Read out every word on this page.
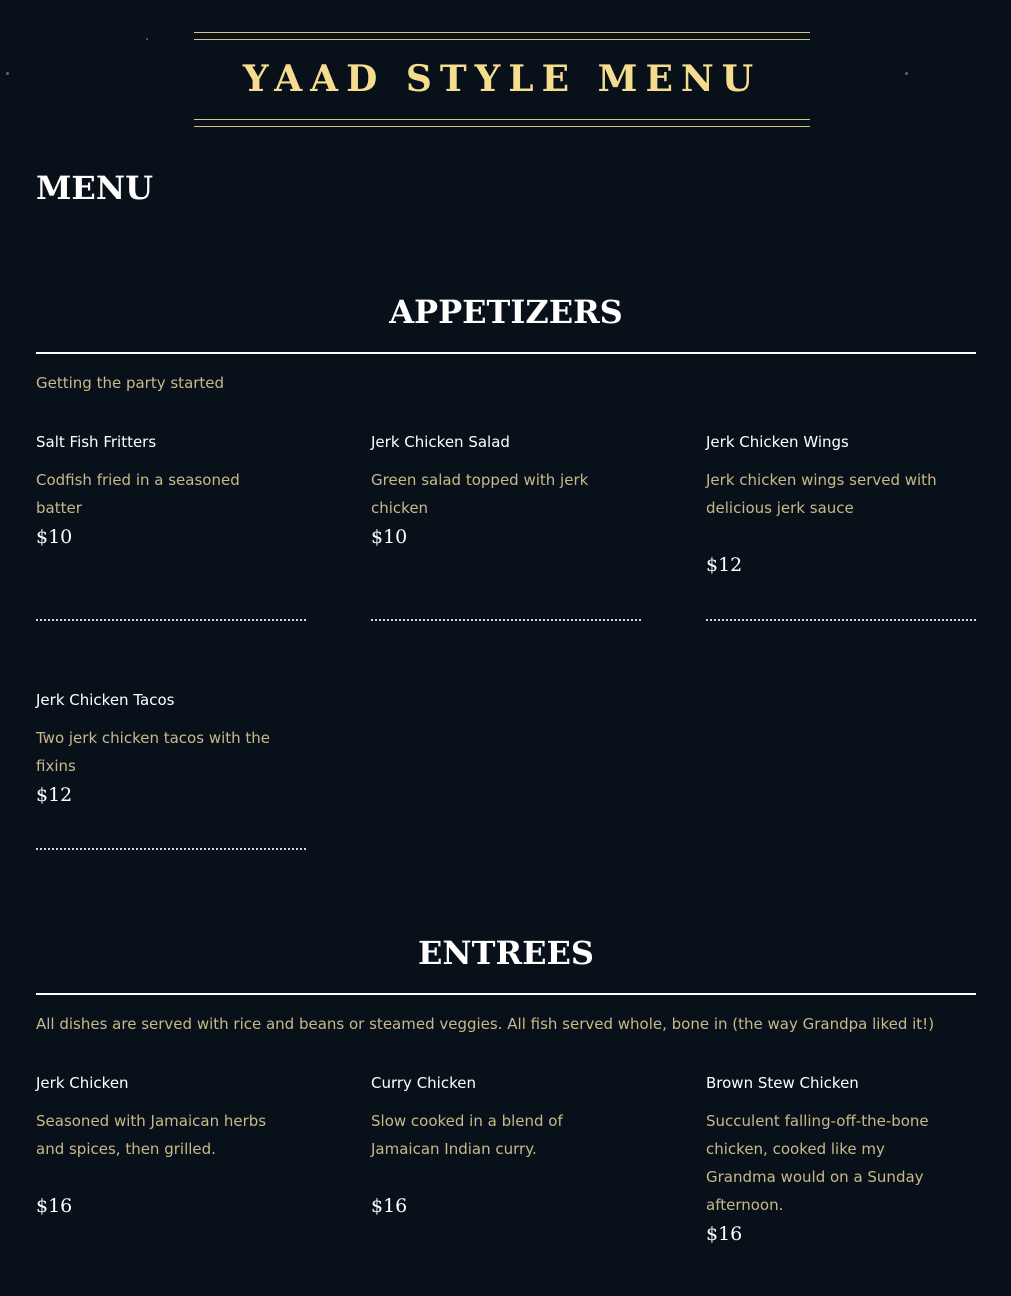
YAAD STYLE MENU
MENU
APPETIZERS
Getting the party started
Salt Fish Fritters
Codfish fried in a seasoned batter
$10
Jerk Chicken Salad
Green salad topped with jerk chicken
$10
Jerk Chicken Wings
Jerk chicken wings served with delicious jerk sauce
$12
Jerk Chicken Tacos
Two jerk chicken tacos with the fixins
$12
ENTREES
All dishes are served with rice and beans or steamed veggies. All fish served whole, bone in (the way Grandpa liked it!)
Jerk Chicken
Seasoned with Jamaican herbs and spices, then grilled.
$16
Curry Chicken
Slow cooked in a blend of Jamaican Indian curry.
$16
Brown Stew Chicken
Succulent falling-off-the-bone chicken, cooked like my Grandma would on a Sunday afternoon.
$16
